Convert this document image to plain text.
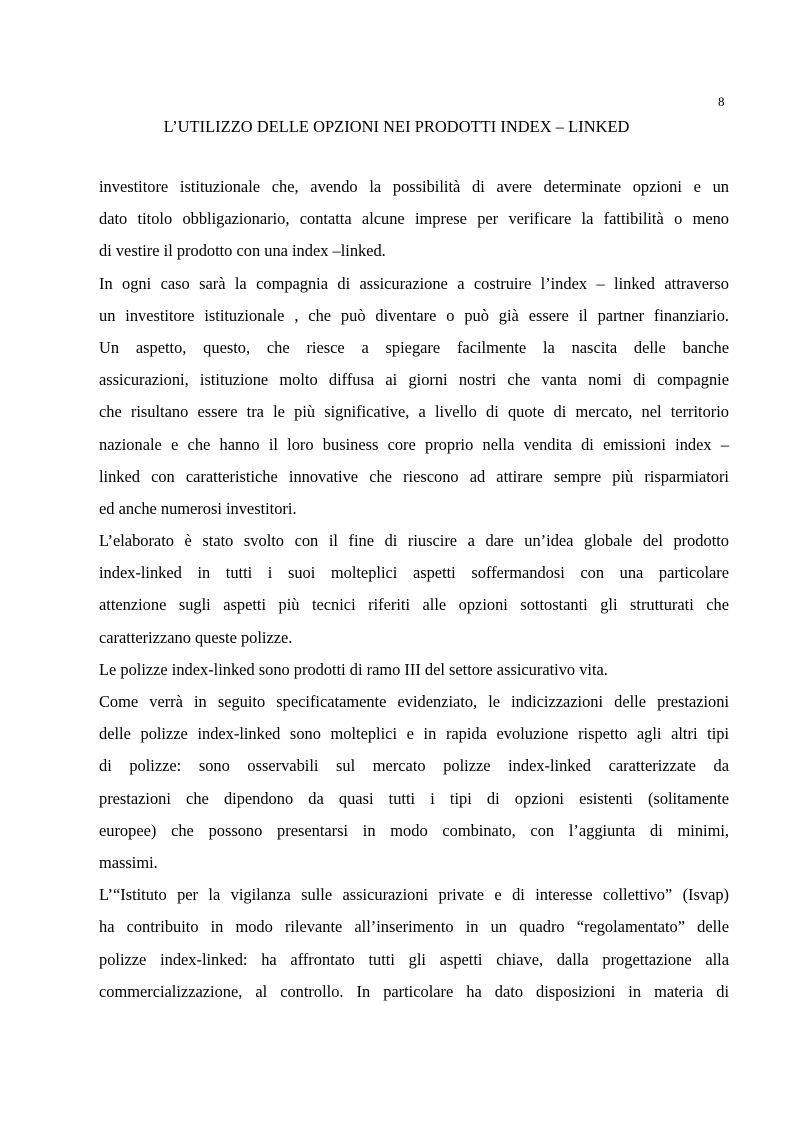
8
L’UTILIZZO DELLE OPZIONI NEI PRODOTTI INDEX – LINKED
investitore istituzionale che, avendo la possibilità di avere determinate opzioni e un
dato titolo obbligazionario, contatta alcune imprese per verificare la fattibilità o meno
di vestire il prodotto con una index –linked.
In ogni caso sarà la compagnia di assicurazione a costruire l’index – linked attraverso
un investitore istituzionale , che può diventare o può già essere il partner finanziario.
Un aspetto, questo, che riesce a spiegare facilmente la nascita delle banche
assicurazioni, istituzione molto diffusa ai giorni nostri che vanta nomi di compagnie
che risultano essere tra le più significative, a livello di quote di mercato, nel territorio
nazionale e che hanno il loro business core proprio nella vendita di emissioni index –
linked con caratteristiche innovative che riescono ad attirare sempre più risparmiatori
ed anche numerosi investitori.
L’elaborato è stato svolto con il fine di riuscire a dare un’idea globale del prodotto
index-linked in tutti i suoi molteplici aspetti soffermandosi con una particolare
attenzione sugli aspetti più tecnici riferiti alle opzioni sottostanti gli strutturati che
caratterizzano queste polizze.
Le polizze index-linked sono prodotti di ramo III del settore assicurativo vita.
Come verrà in seguito specificatamente evidenziato, le indicizzazioni delle prestazioni
delle polizze index-linked sono molteplici e in rapida evoluzione rispetto agli altri tipi
di polizze: sono osservabili sul mercato polizze index-linked caratterizzate da
prestazioni che dipendono da quasi tutti i tipi di opzioni esistenti (solitamente
europee) che possono presentarsi in modo combinato, con l’aggiunta di minimi,
massimi.
L’“Istituto per la vigilanza sulle assicurazioni private e di interesse collettivo” (Isvap)
ha contribuito in modo rilevante all’inserimento in un quadro “regolamentato” delle
polizze index-linked: ha affrontato tutti gli aspetti chiave, dalla progettazione alla
commercializzazione, al controllo. In particolare ha dato disposizioni in materia di
